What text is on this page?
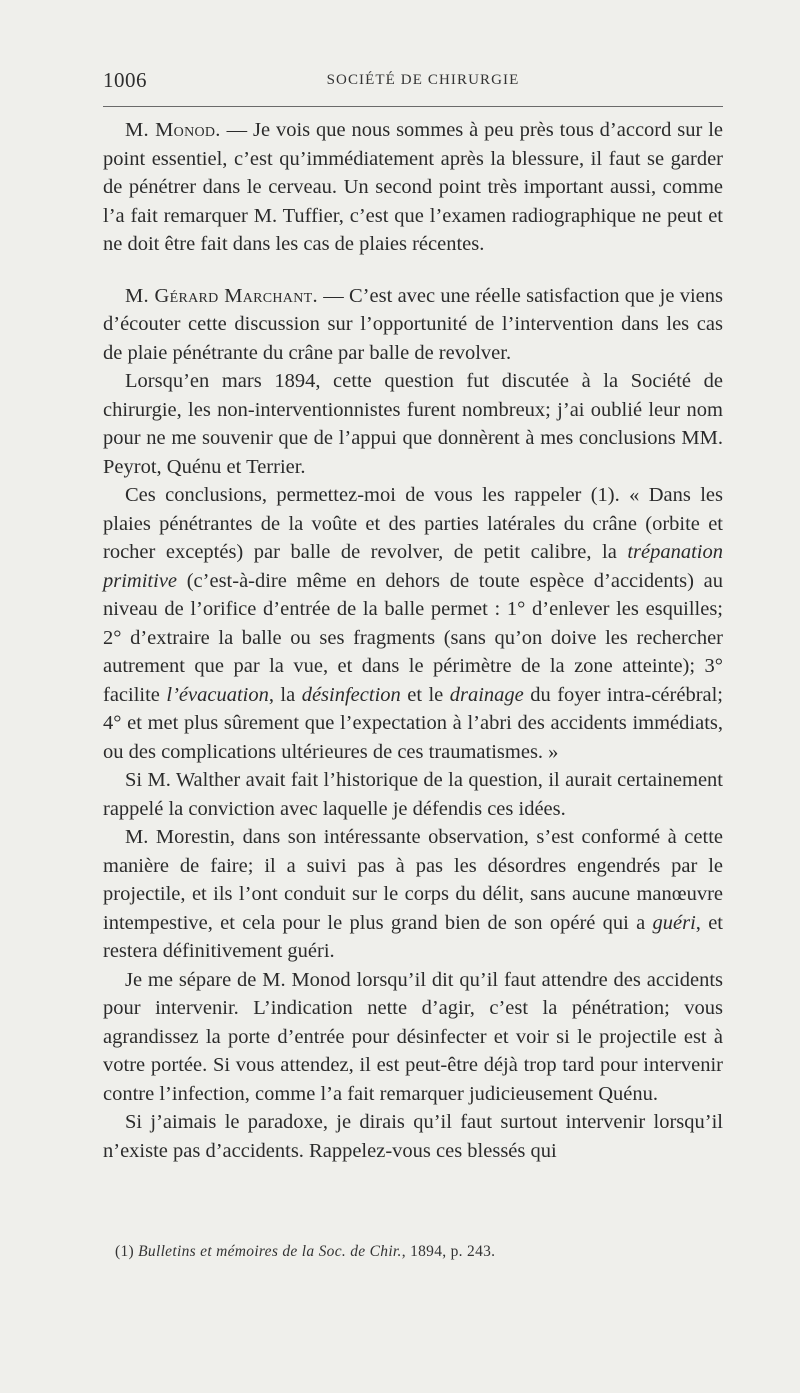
1006	SOCIÉTÉ DE CHIRURGIE

M. Monod. — Je vois que nous sommes à peu près tous d’accord sur le point essentiel, c’est qu’immédiatement après la blessure, il faut se garder de pénétrer dans le cerveau. Un second point très important aussi, comme l’a fait remarquer M. Tuffier, c’est que l’examen radiographique ne peut et ne doit être fait dans les cas de plaies récentes.

M. Gérard Marchant. — C’est avec une réelle satisfaction que je viens d’écouter cette discussion sur l’opportunité de l’intervention dans les cas de plaie pénétrante du crâne par balle de revolver.

Lorsqu’en mars 1894, cette question fut discutée à la Société de chirurgie, les non-interventionnistes furent nombreux; j’ai oublié leur nom pour ne me souvenir que de l’appui que donnèrent à mes conclusions MM. Peyrot, Quénu et Terrier.

Ces conclusions, permettez-moi de vous les rappeler (1). « Dans les plaies pénétrantes de la voûte et des parties latérales du crâne (orbite et rocher exceptés) par balle de revolver, de petit calibre, la trépanation primitive (c’est-à-dire même en dehors de toute espèce d’accidents) au niveau de l’orifice d’entrée de la balle permet : 1° d’enlever les esquilles; 2° d’extraire la balle ou ses fragments (sans qu’on doive les rechercher autrement que par la vue, et dans le périmètre de la zone atteinte); 3° facilite l’évacuation, la désinfection et le drainage du foyer intra-cérébral; 4° et met plus sûrement que l’expectation à l’abri des accidents immédiats, ou des complications ultérieures de ces traumatismes. »

Si M. Walther avait fait l’historique de la question, il aurait certainement rappelé la conviction avec laquelle je défendis ces idées.

M. Morestin, dans son intéressante observation, s’est conformé à cette manière de faire; il a suivi pas à pas les désordres engendrés par le projectile, et ils l’ont conduit sur le corps du délit, sans aucune manœuvre intempestive, et cela pour le plus grand bien de son opéré qui a guéri, et restera définitivement guéri.

Je me sépare de M. Monod lorsqu’il dit qu’il faut attendre des accidents pour intervenir. L’indication nette d’agir, c’est la pénétration; vous agrandissez la porte d’entrée pour désinfecter et voir si le projectile est à votre portée. Si vous attendez, il est peut-être déjà trop tard pour intervenir contre l’infection, comme l’a fait remarquer judicieusement Quénu.

Si j’aimais le paradoxe, je dirais qu’il faut surtout intervenir lorsqu’il n’existe pas d’accidents. Rappelez-vous ces blessés qui

(1) Bulletins et mémoires de la Soc. de Chir., 1894, p. 243.
